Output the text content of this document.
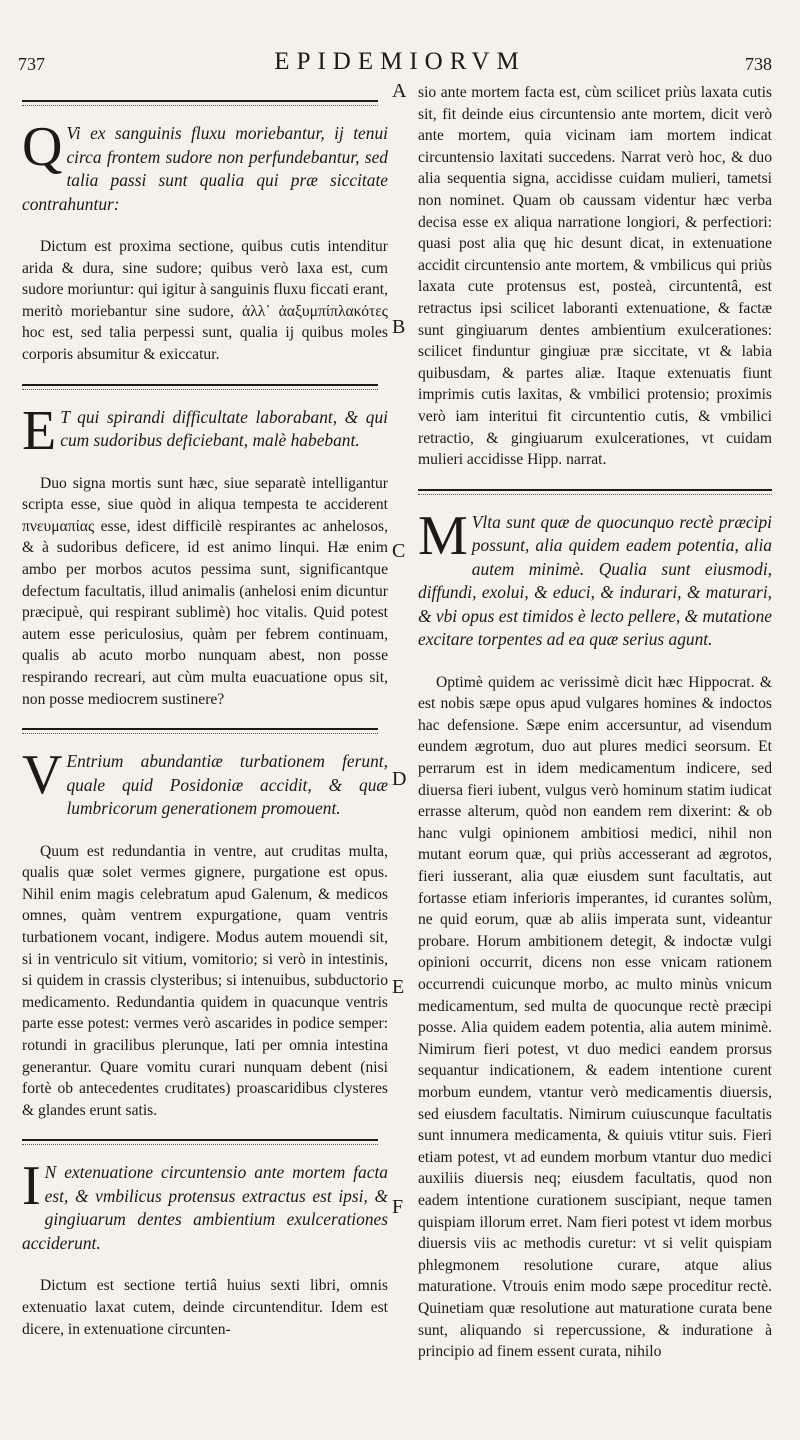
737	EPIDEMIORVM	738
A
B
C
D
E
F

Q Vi ex sanguinis fluxu moriebantur, ij tenui circa frontem sudore non perfundebantur, sed talia passi sunt qualia qui præ siccitate contrahuntur:

Dictum est proxima sectione, quibus cutis intenditur arida & dura, sine sudore; quibus verò laxa est, cum sudore moriuntur: qui igitur à sanguinis fluxu ficcati erant, meritò moriebantur sine sudore, ἀλλ᾽ ἀαξυμπίπλακότες hoc est, sed talia perpessi sunt, qualia ij quibus moles corporis absumitur & exiccatur.

E T qui spirandi difficultate laborabant, & qui cum sudoribus deficiebant, malè habebant.

Duo signa mortis sunt hæc, siue separatè intelligantur scripta esse, siue quòd in aliqua tempesta te acciderent πνευμαπίας esse, idest difficilè respirantes ac anhelosos, & à sudoribus deficere, id est animo linqui. Hæ enim ambo per morbos acutos pessima sunt, significantque defectum facultatis, illud animalis (anhelosi enim dicuntur præcipuè, qui respirant sublimè) hoc vitalis. Quid potest autem esse periculosius, quàm per febrem continuam, qualis ab acuto morbo nunquam abest, non posse respirando recreari, aut cùm multa euacuatione opus sit, non posse mediocrem sustinere?

V Entrium abundantiæ turbationem ferunt, quale quid Posidoniæ accidit, & quæ lumbricorum generationem promouent.

Quum est redundantia in ventre, aut cruditas multa, qualis quæ solet vermes gignere, purgatione est opus. Nihil enim magis celebratum apud Galenum, & medicos omnes, quàm ventrem expurgatione, quam ventris turbationem vocant, indigere. Modus autem mouendi sit, si in ventriculo sit vitium, vomitorio; si verò in intestinis, si quidem in crassis clysteribus; si intenuibus, subductorio medicamento. Redundantia quidem in quacunque ventris parte esse potest: vermes verò ascarides in podice semper: rotundi in gracilibus plerunque, lati per omnia intestina generantur. Quare vomitu curari nunquam debent (nisi fortè ob antecedentes cruditates) proascaridibus clysteres & glandes erunt satis.

I N extenuatione circuntensio ante mortem facta est, & vmbilicus protensus extractus est ipsi, & gingiuarum dentes ambientium exulcerationes acciderunt.

Dictum est sectione tertiâ huius sexti libri, omnis extenuatio laxat cutem, deinde circuntenditur. Idem est dicere, in extenuatione circunten-

sio ante mortem facta est, cùm scilicet priùs laxata cutis sit, fit deinde eius circuntensio ante mortem, dicit verò ante mortem, quia vicinam iam mortem indicat circuntensio laxitati succedens. Narrat verò hoc, & duo alia sequentia signa, accidisse cuidam mulieri, tametsi non nominet. Quam ob caussam videntur hæc verba decisa esse ex aliqua narratione longiori, & perfectiori: quasi post alia quę hic desunt dicat, in extenuatione accidit circuntensio ante mortem, & vmbilicus qui priùs laxata cute protensus est, posteà, circuntentâ, est retractus ipsi scilicet laboranti extenuatione, & factæ sunt gingiuarum dentes ambientium exulcerationes: scilicet finduntur gingiuæ præ siccitate, vt & labia quibusdam, & partes aliæ. Itaque extenuatis fiunt imprimis cutis laxitas, & vmbilici protensio; proximis verò iam interitui fit circuntentio cutis, & vmbilici retractio, & gingiuarum exulcerationes, vt cuidam mulieri accidisse Hipp. narrat.

M Vlta sunt quæ de quocunquo rectè præcipi possunt, alia quidem eadem potentia, alia autem minimè. Qualia sunt eiusmodi, diffundi, exolui, & educi, & indurari, & maturari, & vbi opus est timidos è lecto pellere, & mutatione excitare torpentes ad ea quæ serius agunt.

Optimè quidem ac verissimè dicit hæc Hippocrat. & est nobis sæpe opus apud vulgares homines & indoctos hac defensione. Sæpe enim accersuntur, ad visendum eundem ægrotum, duo aut plures medici seorsum. Et perrarum est in idem medicamentum indicere, sed diuersa fieri iubent, vulgus verò hominum statim iudicat errasse alterum, quòd non eandem rem dixerint: & ob hanc vulgi opinionem ambitiosi medici, nihil non mutant eorum quæ, qui priùs accesserant ad ægrotos, fieri iusserant, alia quæ eiusdem sunt facultatis, aut fortasse etiam inferioris imperantes, id curantes solùm, ne quid eorum, quæ ab aliis imperata sunt, videantur probare. Horum ambitionem detegit, & indoctæ vulgi opinioni occurrit, dicens non esse vnicam rationem occurrendi cuicunque morbo, ac multo minùs vnicum medicamentum, sed multa de quocunque rectè præcipi posse. Alia quidem eadem potentia, alia autem minimè. Nimirum fieri potest, vt duo medici eandem prorsus sequantur indicationem, & eadem intentione curent morbum eundem, vtantur verò medicamentis diuersis, sed eiusdem facultatis. Nimirum cuiuscunque facultatis sunt innumera medicamenta, & quiuis vtitur suis. Fieri etiam potest, vt ad eundem morbum vtantur duo medici auxiliis diuersis neq; eiusdem facultatis, quod non eadem intentione curationem suscipiant, neque tamen quispiam illorum erret. Nam fieri potest vt idem morbus diuersis viis ac methodis curetur: vt si velit quispiam phlegmonem resolutione curare, atque alius maturatione. Vtrouis enim modo sæpe proceditur rectè. Quinetiam quæ resolutione aut maturatione curata bene sunt, aliquando si repercussione, & induratione à principio ad finem essent curata, nihilo
